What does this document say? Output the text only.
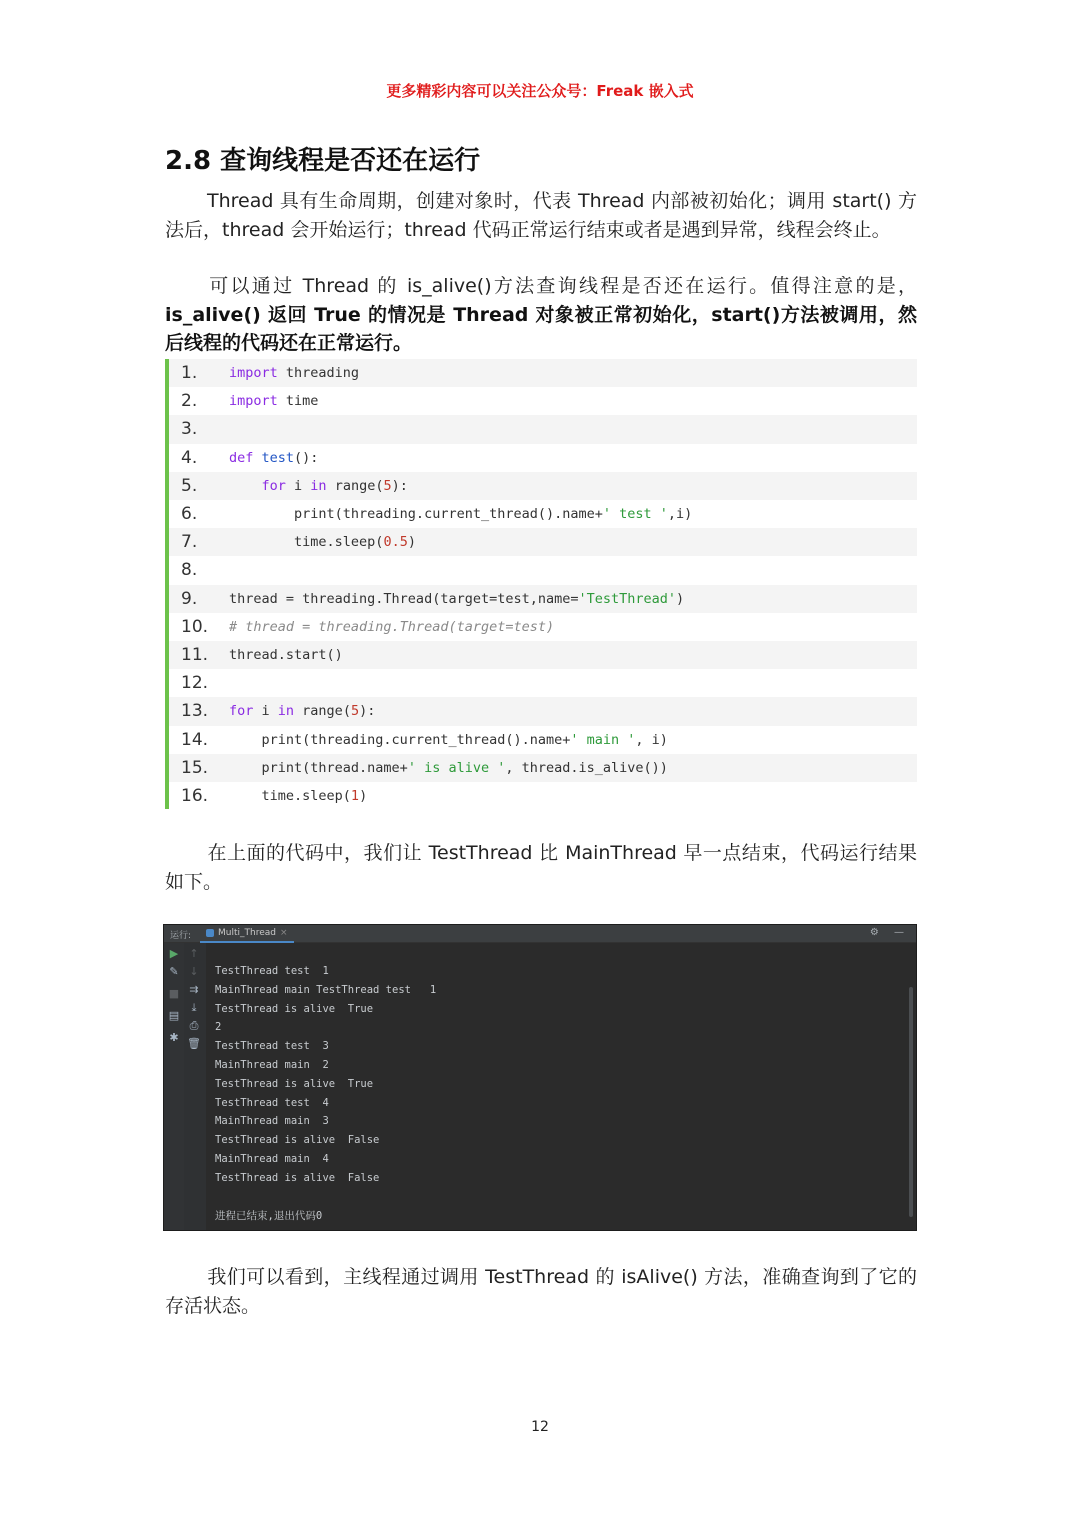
更多精彩内容可以关注公众号：Freak 嵌入式
2.8 查询线程是否还在运行
Thread 具有生命周期，创建对象时，代表 Thread 内部被初始化；调用 start() 方法后，thread 会开始运行；thread 代码正常运行结束或者是遇到异常，线程会终止。
可以通过 Thread 的 is_alive()方法查询线程是否还在运行。值得注意的是，is_alive() 返回 True 的情况是 Thread 对象被正常初始化，start()方法被调用，然后线程的代码还在正常运行。
1.	import threading
2.	import time
3.
4.	def test():
5.	for i in range(5):
6.	print(threading.current_thread().name+' test ',i)
7.	time.sleep(0.5)
8.
9.	thread = threading.Thread(target=test,name='TestThread')
10.	# thread = threading.Thread(target=test)
11.	thread.start()
12.
13.	for i in range(5):
14.	print(threading.current_thread().name+' main ', i)
15.	print(thread.name+' is alive ', thread.is_alive())
16.	time.sleep(1)
在上面的代码中，我们让 TestThread 比 MainThread 早一点结束，代码运行结果如下。
运行:	Multi_Thread ×	⚙ —
▶
✎
■
▤
✱
↑
↓
⇉
⤓
⎙
🗑
TestThread test  1
MainThread main TestThread test   1
TestThread is alive  True
2
TestThread test  3
MainThread main  2
TestThread is alive  True
TestThread test  4
MainThread main  3
TestThread is alive  False
MainThread main  4
TestThread is alive  False
进程已结束,退出代码0
我们可以看到，主线程通过调用 TestThread 的 isAlive() 方法，准确查询到了它的存活状态。
12
